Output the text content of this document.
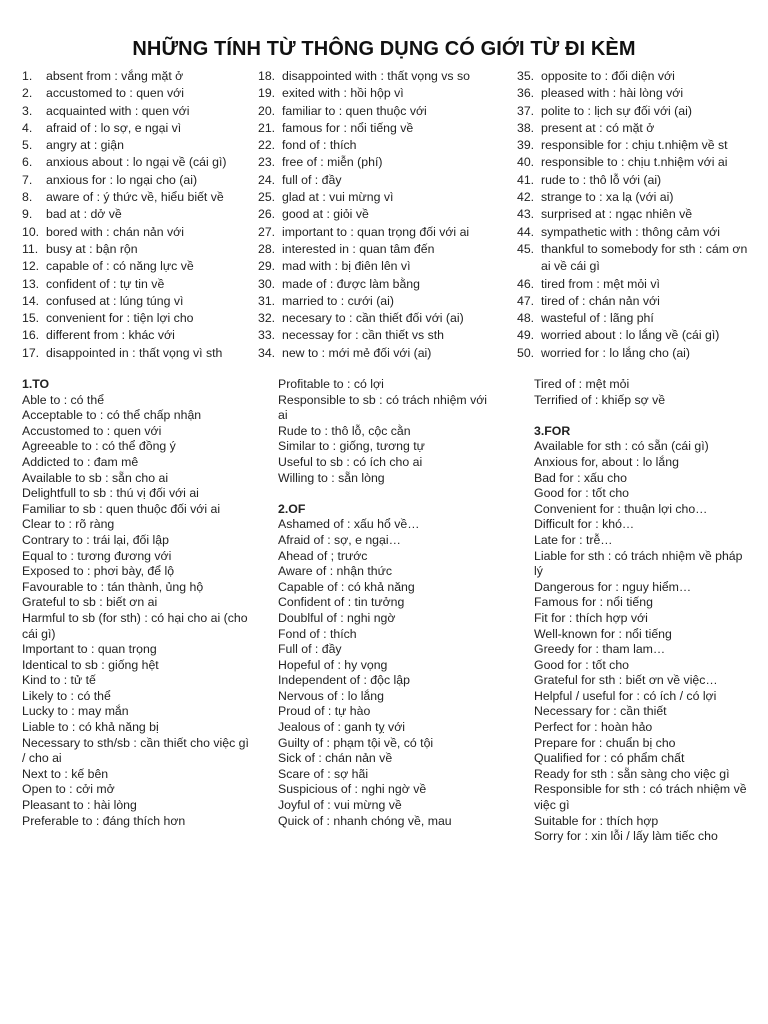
NHỮNG TÍNH TỪ THÔNG DỤNG CÓ GIỚI TỪ ĐI KÈM
1. absent from : vắng mặt ở
2. accustomed to : quen với
3. acquainted with : quen với
4. afraid of : lo sợ, e ngại vì
5. angry at : giận
6. anxious about : lo ngại về (cái gì)
7. anxious for : lo ngại cho (ai)
8. aware of : ý thức về, hiểu biết về
9. bad at : dở về
10. bored with : chán nản với
11. busy at : bận rộn
12. capable of : có năng lực về
13. confident of : tự tin về
14. confused at : lúng túng vì
15. convenient for : tiện lợi cho
16. different from : khác với
17. disappointed in : thất vọng vì sth
18. disappointed with : thất vọng vs so
19. exited with : hồi hộp vì
20. familiar to : quen thuộc với
21. famous for : nổi tiếng về
22. fond of : thích
23. free of : miễn (phí)
24. full of : đầy
25. glad at : vui mừng vì
26. good at : giỏi về
27. important to : quan trọng đối với ai
28. interested in : quan tâm đến
29. mad with : bị điên lên vì
30. made of : được làm bằng
31. married to : cưới (ai)
32. necesary to : cần thiết đối với (ai)
33. necessay for : cần thiết vs sth
34. new to : mới mẻ đối với (ai)
35. opposite to : đối diện với
36. pleased with : hài lòng với
37. polite to : lịch sự đối với (ai)
38. present at : có mặt ở
39. responsible for : chịu t.nhiệm về st
40. responsible to : chịu t.nhiệm với ai
41. rude to : thô lỗ với (ai)
42. strange to : xa lạ (với ai)
43. surprised at : ngạc nhiên về
44. sympathetic with : thông cảm với
45. thankful to somebody for sth : cám ơn ai về cái gì
46. tired from : mệt mỏi vì
47. tired of : chán nản với
48. wasteful of : lãng phí
49. worried about : lo lắng về (cái gì)
50. worried for : lo lắng cho (ai)
1.TO
Able to : có thể
Acceptable to : có thể chấp nhận
Accustomed to : quen với
Agreeable to : có thể đồng ý
Addicted to : đam mê
Available to sb : sẵn cho ai
Delightfull to sb : thú vị đối với ai
Familiar to sb : quen thuộc đối với ai
Clear to : rõ ràng
Contrary to : trái lại, đối lập
Equal to : tương đương với
Exposed to : phơi bày, để lộ
Favourable to : tán thành, ủng hộ
Grateful to sb : biết ơn ai
Harmful to sb (for sth) : có hại cho ai (cho cái gì)
Important to : quan trọng
Identical to sb : giống hệt
Kind to : tử tế
Likely to : có thể
Lucky to : may mắn
Liable to : có khả năng bị
Necessary to sth/sb : cần thiết cho việc gì / cho ai
Next to : kế bên
Open to : cởi mở
Pleasant to : hài lòng
Preferable to : đáng thích hơn
Profitable to : có lợi
Responsible to sb : có trách nhiệm với ai
Rude to : thô lỗ, cộc cằn
Similar to : giống, tương tự
Useful to sb : có ích cho ai
Willing to : sẵn lòng
2.OF
Ashamed of : xấu hổ về…
Afraid of : sợ, e ngại…
Ahead of ; trước
Aware of : nhận thức
Capable of : có khả năng
Confident of : tin tưởng
Doublful of : nghi ngờ
Fond of : thích
Full of : đầy
Hopeful of : hy vọng
Independent of : độc lập
Nervous of : lo lắng
Proud of : tự hào
Jealous of : ganh tỵ với
Guilty of : phạm tội về, có tội
Sick of : chán nản về
Scare of : sợ hãi
Suspicious of : nghi ngờ về
Joyful of : vui mừng về
Quick of : nhanh chóng về, mau
Tired of : mệt mỏi
Terrified of : khiếp sợ về
3.FOR
Available for sth : có sẵn (cái gì)
Anxious for, about : lo lắng
Bad for : xấu cho
Good for : tốt cho
Convenient for : thuận lợi cho…
Difficult for : khó…
Late for : trễ…
Liable for sth : có trách nhiệm về pháp lý
Dangerous for : nguy hiểm…
Famous for : nổi tiếng
Fit for : thích hợp với
Well-known for : nổi tiếng
Greedy for : tham lam…
Good for : tốt cho
Grateful for sth : biết ơn về việc…
Helpful / useful for : có ích / có lợi
Necessary for : cần thiết
Perfect for : hoàn hảo
Prepare for : chuẩn bị cho
Qualified for : có phẩm chất
Ready for sth : sẵn sàng cho việc gì
Responsible for sth : có trách nhiệm về việc gì
Suitable for : thích hợp
Sorry for : xin lỗi / lấy làm tiếc cho
